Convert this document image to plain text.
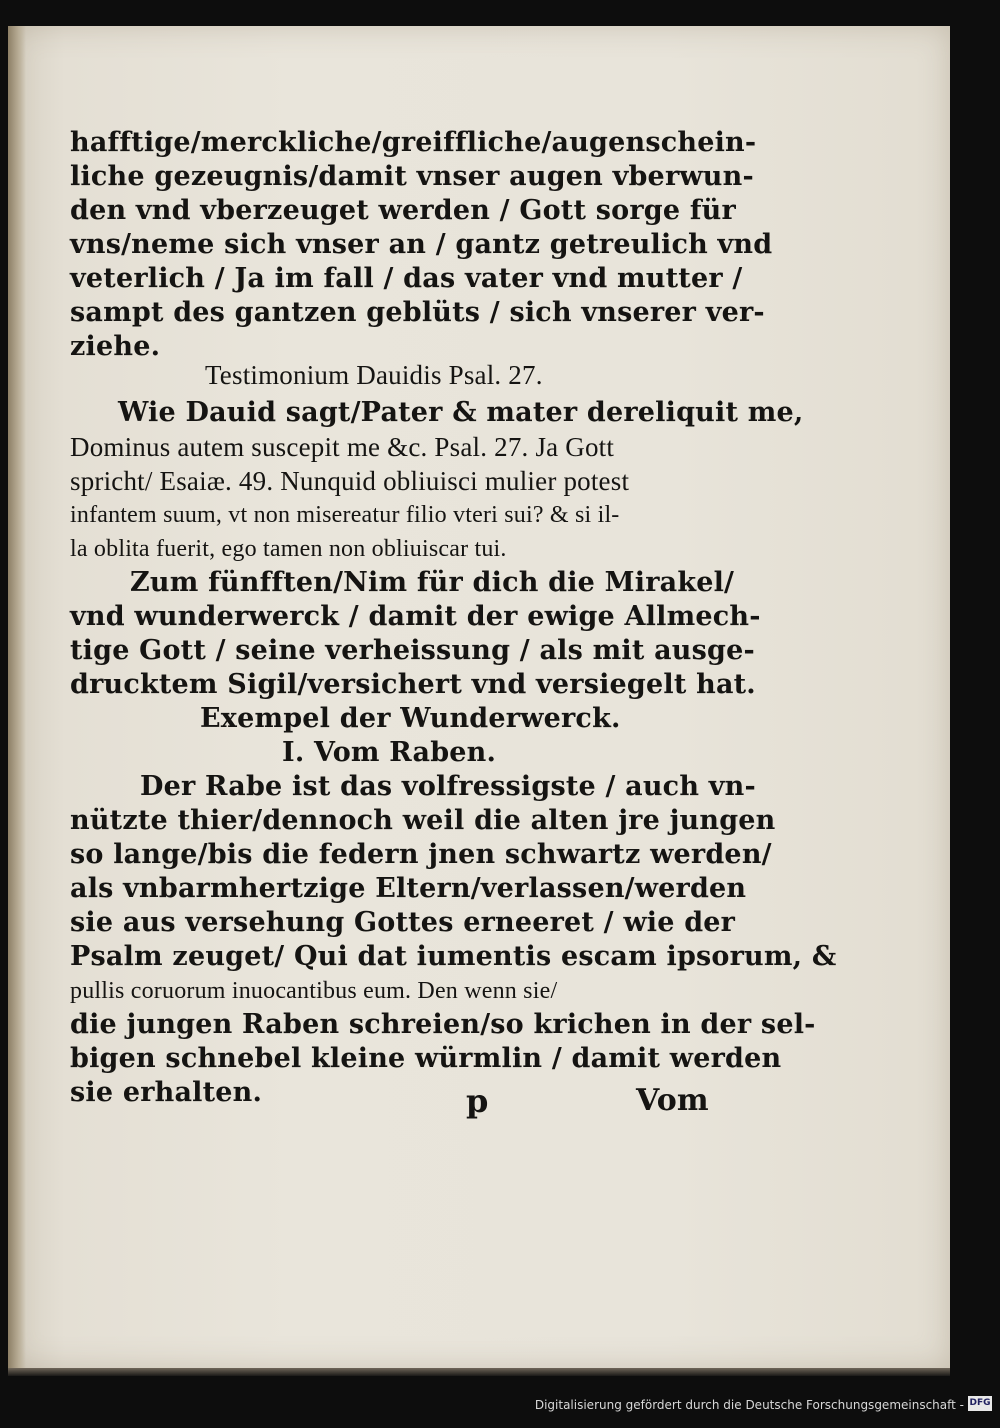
hafftige/merckliche/greiffliche/augenschein-
liche gezeugnis/damit vnser augen vberwun-
den vnd vberzeuget werden / Gott sorge für
vns/neme sich vnser an / gantz getreulich vnd
veterlich / Ja im fall / das vater vnd mutter /
sampt des gantzen geblüts / sich vnserer ver-
ziehe.
Testimonium Dauidis Psal. 27.
Wie Dauid sagt/Pater & mater dereliquit me,
Dominus autem suscepit me &c. Psal. 27. Ja Gott
spricht/ Esaiæ. 49. Nunquid obliuisci mulier potest
infantem suum, vt non misereatur filio vteri sui? & si il-
la oblita fuerit, ego tamen non obliuiscar tui.
Zum fünfften/Nim für dich die Mirakel/
vnd wunderwerck / damit der ewige Allmech-
tige Gott / seine verheissung / als mit ausge-
drucktem Sigil/versichert vnd versiegelt hat.
Exempel der Wunderwerck.
I. Vom Raben.
Der Rabe ist das volfressigste / auch vn-
nützte thier/dennoch weil die alten jre jungen
so lange/bis die federn jnen schwartz werden/
als vnbarmhertzige Eltern/verlassen/werden
sie aus versehung Gottes erneeret / wie der
Psalm zeuget/ Qui dat iumentis escam ipsorum, &
pullis coruorum inuocantibus eum. Den wenn sie/
die jungen Raben schreien/so krichen in der sel-
bigen schnebel kleine würmlin / damit werden
sie erhalten.	p	Vom
Digitalisierung gefördert durch die Deutsche Forschungsgemeinschaft - DFG
